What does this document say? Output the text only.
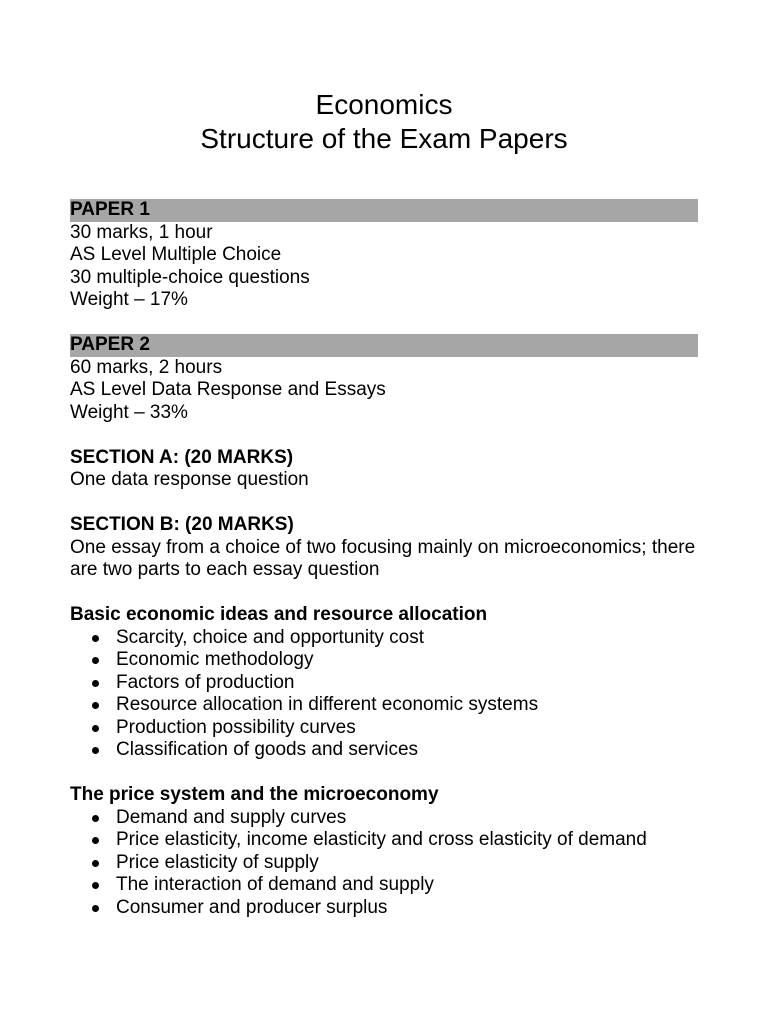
Economics
Structure of the Exam Papers
PAPER 1
30 marks, 1 hour
AS Level Multiple Choice
30 multiple-choice questions
Weight – 17%
PAPER 2
60 marks, 2 hours
AS Level Data Response and Essays
Weight – 33%
SECTION A: (20 MARKS)
One data response question
SECTION B: (20 MARKS)
One essay from a choice of two focusing mainly on microeconomics; there are two parts to each essay question
Basic economic ideas and resource allocation
Scarcity, choice and opportunity cost
Economic methodology
Factors of production
Resource allocation in different economic systems
Production possibility curves
Classification of goods and services
The price system and the microeconomy
Demand and supply curves
Price elasticity, income elasticity and cross elasticity of demand
Price elasticity of supply
The interaction of demand and supply
Consumer and producer surplus
